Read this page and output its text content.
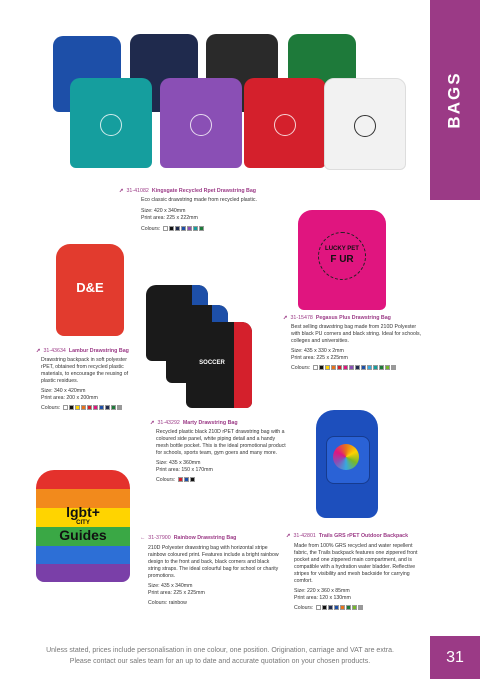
BAGS
➚ 31-41082 Kingsgate Recycled Rpet Drawstring Bag

Eco classic drawstring made from recycled plastic.

Size: 420 x 340mm

Print area: 225 x 222mm

Colours:

LUCKY PET
F UR
➚ 31-15478 Pegasus Plus Drawstring Bag

Best selling drawstring bag made from 210D Polyester with black PU corners and black string. Ideal for schools, colleges and universities.

Size: 435 x 330 x 2mm

Print area: 225 x 225mm

Colours:

D&E
➚ 31-43634 Lambur Drawstring Bag

Drawstring backpack in soft polyester rPET, obtained from recycled plastic materials, to encourage the reusing of plastic residues.

Size: 340 x 420mm

Print area: 200 x 200mm

Colours:

SOCCER
➚ 31-43292 Marty Drawstring Bag

Recycled plastic black 210D rPET drawstring bag with a coloured side panel, white piping detail and a handy mesh bottle pocket. This is the ideal promotional product for schools, sports team, gym goers and many more.

Size: 435 x 360mm

Print area: 150 x 170mm

Colours:

lgbt+
CITY
Guides	← 31-37900 Rainbow Drawstring Bag

210D Polyester drawstring bag with horizontal stripe rainbow coloured print. Features include a bright rainbow design to the front and back, black corners and black string straps. The ideal colourful bag for school or charity promotions.

Size: 435 x 340mm

Print area: 225 x 225mm

Colours: rainbow

➚ 31-42801 Trails GRS rPET Outdoor Backpack

Made from 100% GRS recycled and water repellent fabric, the Trails backpack features one zippered front pocket and one zippered main compartment, and is compatible with a hydration water bladder. Reflective stripes for visibility and mesh backside for carrying comfort.

Size: 220 x 360 x 85mm

Print area: 120 x 130mm

Colours:

Unless stated, prices include personalisation in one colour, one position. Origination, carriage and VAT are extra.
Please contact our sales team for an up to date and accurate quotation on your chosen products.	31
